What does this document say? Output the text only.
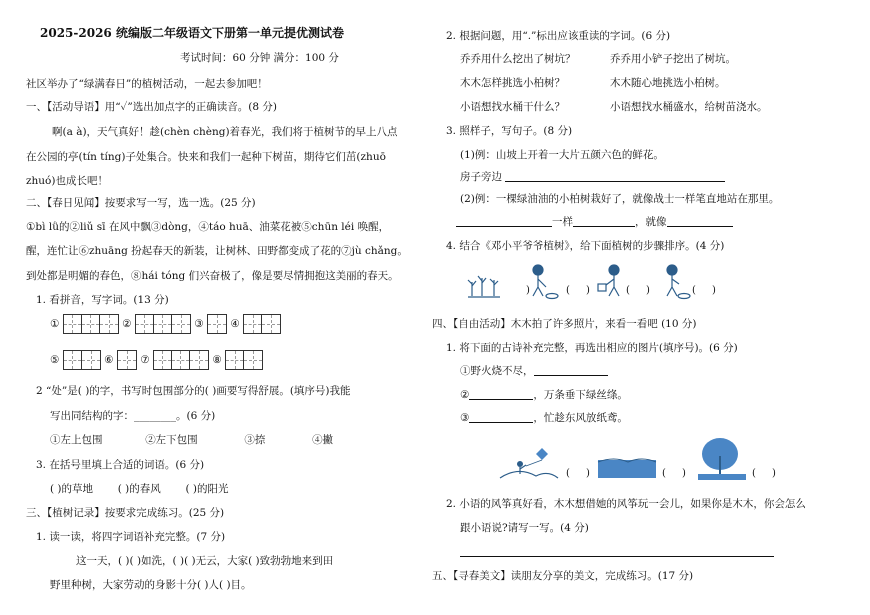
2025-2026 统编版二年级语文下册第一单元提优测试卷
考试时间：60 分钟 满分：100 分
社区举办了“绿满春日”的植树活动，一起去参加吧！
一、【活动导语】用“✓”选出加点字的正确读音。(8 分)
啊(a à)，天气真好！趁(chèn chèng)着春光，我们将于植树节的早上八点
在公园的亭(tín tíng)子处集合。快来和我们一起种下树苗，期待它们茁(zhuō
zhuó)也成长吧！
二、【春日见闻】按要求写一写，选一选。(25 分)
①bì lǜ的②liǔ sī 在风中飘③dòng，④táo huā、油菜花被⑤chūn léi 唤醒，
醒，连忙让⑥zhuāng 扮起春天的新装，让树林、田野都变成了花的⑦jù chǎng。
到处都是明媚的春色，⑧hái tóng 们兴奋极了，像是要尽情拥抱这美丽的春天。
1. 看拼音，写字词。(13 分)
①	②	③	④
⑤	⑥	⑦	⑧
2 “处”是( )的字，书写时包围部分的( )画要写得舒展。(填序号)我能
写出同结构的字：________。(6 分)
①左上包围	②左下包围	③捺	④撇
3. 在括号里填上合适的词语。(6 分)
( )的草地 ( )的春风 ( )的阳光
三、【植树记录】按要求完成练习。(25 分)
1. 读一读，将四字词语补充完整。(7 分)
这一天，( )( )如洗，( )( )无云，大家( )致勃勃地来到田
野里种树，大家劳动的身影十分( )人( )目。
2. 根据问题，用“.”标出应该重读的字词。(6 分)
乔乔用什么挖出了树坑？	乔乔用小铲子挖出了树坑。
木木怎样挑选小柏树？	木木随心地挑选小柏树。
小语想找水桶干什么？	小语想找水桶盛水，给树苗浇水。
3. 照样子，写句子。(8 分)
(1)例：山坡上开着一大片五颜六色的鲜花。
房子旁边
(2)例：一棵绿油油的小柏树栽好了，就像战士一样笔直地站在那里。
一样	，就像
4. 结合《邓小平爷爷植树》，给下面植树的步骤排序。(4 分)
( )	( )	( )
)
四、【自由活动】木木拍了许多照片，来看一看吧 (10 分)
1. 将下面的古诗补充完整，再选出相应的图片(填序号)。(6 分)
①野火烧不尽，
②	，万条垂下绿丝绦。
③	，忙趁东风放纸鸢。
( )	( )	( )
2. 小语的风筝真好看，木木想借她的风筝玩一会儿，如果你是木木，你会怎么
跟小语说?请写一写。(4 分)
五、【寻春美文】读朋友分享的美文，完成练习。(17 分)
